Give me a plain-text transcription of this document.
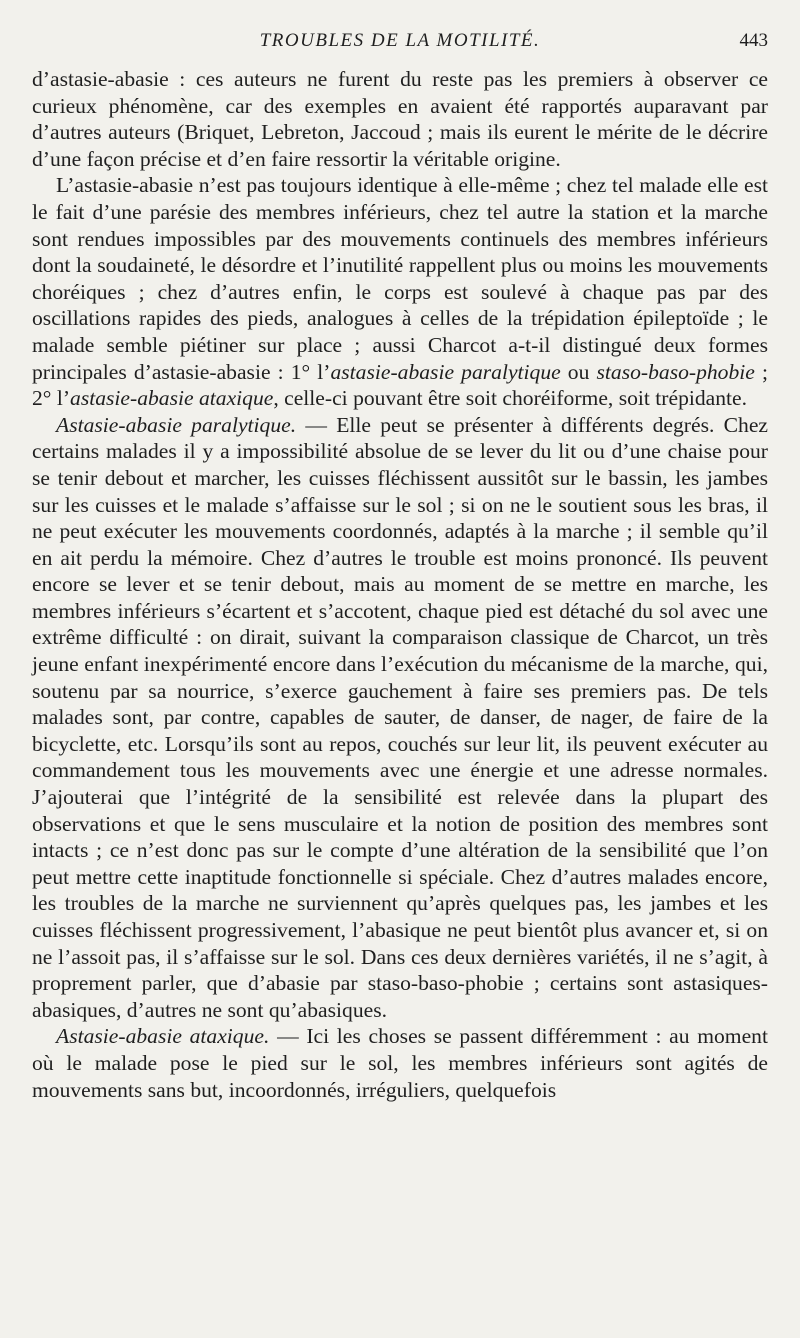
TROUBLES DE LA MOTILITÉ.	443

d’astasie-abasie : ces auteurs ne furent du reste pas les premiers à observer ce curieux phénomène, car des exemples en avaient été rapportés auparavant par d’autres auteurs (Briquet, Lebreton, Jaccoud ; mais ils eurent le mérite de le décrire d’une façon précise et d’en faire ressortir la véritable origine.

L’astasie-abasie n’est pas toujours identique à elle-même ; chez tel malade elle est le fait d’une parésie des membres inférieurs, chez tel autre la station et la marche sont rendues impossibles par des mouvements continuels des membres inférieurs dont la soudaineté, le désordre et l’inutilité rappellent plus ou moins les mouvements choréiques ; chez d’autres enfin, le corps est soulevé à chaque pas par des oscillations rapides des pieds, analogues à celles de la trépidation épileptoïde ; le malade semble piétiner sur place ; aussi Charcot a-t-il distingué deux formes principales d’astasie-abasie : 1° l’astasie-abasie paralytique ou staso-baso-phobie ; 2° l’astasie-abasie ataxique, celle-ci pouvant être soit choréiforme, soit trépidante.

Astasie-abasie paralytique. — Elle peut se présenter à différents degrés. Chez certains malades il y a impossibilité absolue de se lever du lit ou d’une chaise pour se tenir debout et marcher, les cuisses fléchissent aussitôt sur le bassin, les jambes sur les cuisses et le malade s’affaisse sur le sol ; si on ne le soutient sous les bras, il ne peut exécuter les mouvements coordonnés, adaptés à la marche ; il semble qu’il en ait perdu la mémoire. Chez d’autres le trouble est moins prononcé. Ils peuvent encore se lever et se tenir debout, mais au moment de se mettre en marche, les membres inférieurs s’écartent et s’accotent, chaque pied est détaché du sol avec une extrême difficulté : on dirait, suivant la comparaison classique de Charcot, un très jeune enfant inexpérimenté encore dans l’exécution du mécanisme de la marche, qui, soutenu par sa nourrice, s’exerce gauchement à faire ses premiers pas. De tels malades sont, par contre, capables de sauter, de danser, de nager, de faire de la bicyclette, etc. Lorsqu’ils sont au repos, couchés sur leur lit, ils peuvent exécuter au commandement tous les mouvements avec une énergie et une adresse normales. J’ajouterai que l’intégrité de la sensibilité est relevée dans la plupart des observations et que le sens musculaire et la notion de position des membres sont intacts ; ce n’est donc pas sur le compte d’une altération de la sensibilité que l’on peut mettre cette inaptitude fonctionnelle si spéciale. Chez d’autres malades encore, les troubles de la marche ne surviennent qu’après quelques pas, les jambes et les cuisses fléchissent progressivement, l’abasique ne peut bientôt plus avancer et, si on ne l’assoit pas, il s’affaisse sur le sol. Dans ces deux dernières variétés, il ne s’agit, à proprement parler, que d’abasie par staso-baso-phobie ; certains sont astasiques-abasiques, d’autres ne sont qu’abasiques.

Astasie-abasie ataxique. — Ici les choses se passent différemment : au moment où le malade pose le pied sur le sol, les membres inférieurs sont agités de mouvements sans but, incoordonnés, irréguliers, quelquefois
